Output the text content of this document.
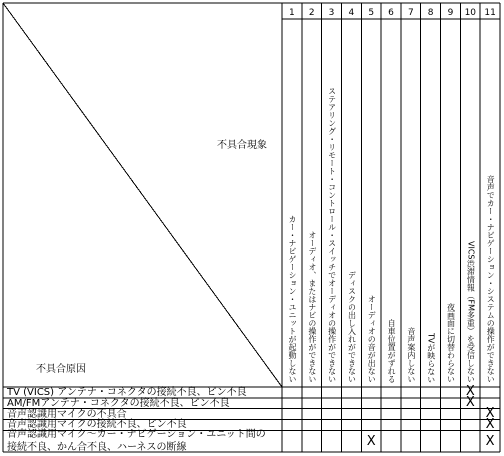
1 2 3 4 5 6 7 8 9 10 11
不具合現象
不具合原因	カー・ナビゲーション・ユニットが起動しない オーディオ、またはナビの操作ができない ステアリング・リモート・コントロール・スイッチでオーディオの操作ができない ディスクの出し入れができない オーディオの音が出ない 自車位置がずれる 音声案内しない TVが映らない 夜画面に切替わらない VICS渋滞情報（FM多重）を受信しない 音声でカー・ナビゲーション・システムの操作ができない
TV (VICS) アンテナ・コネクタの接続不良、ピン不良
AM/FMアンテナ・コネクタの接続不良、ピン不良
音声認識用マイクの不具合
音声認識用マイクの接続不良、ピン不良
音声認識用マイク〜カー・ナビゲーション・ユニット間の
接続不良、かん合不良、ハーネスの断線
X
X
X
X
X	X
